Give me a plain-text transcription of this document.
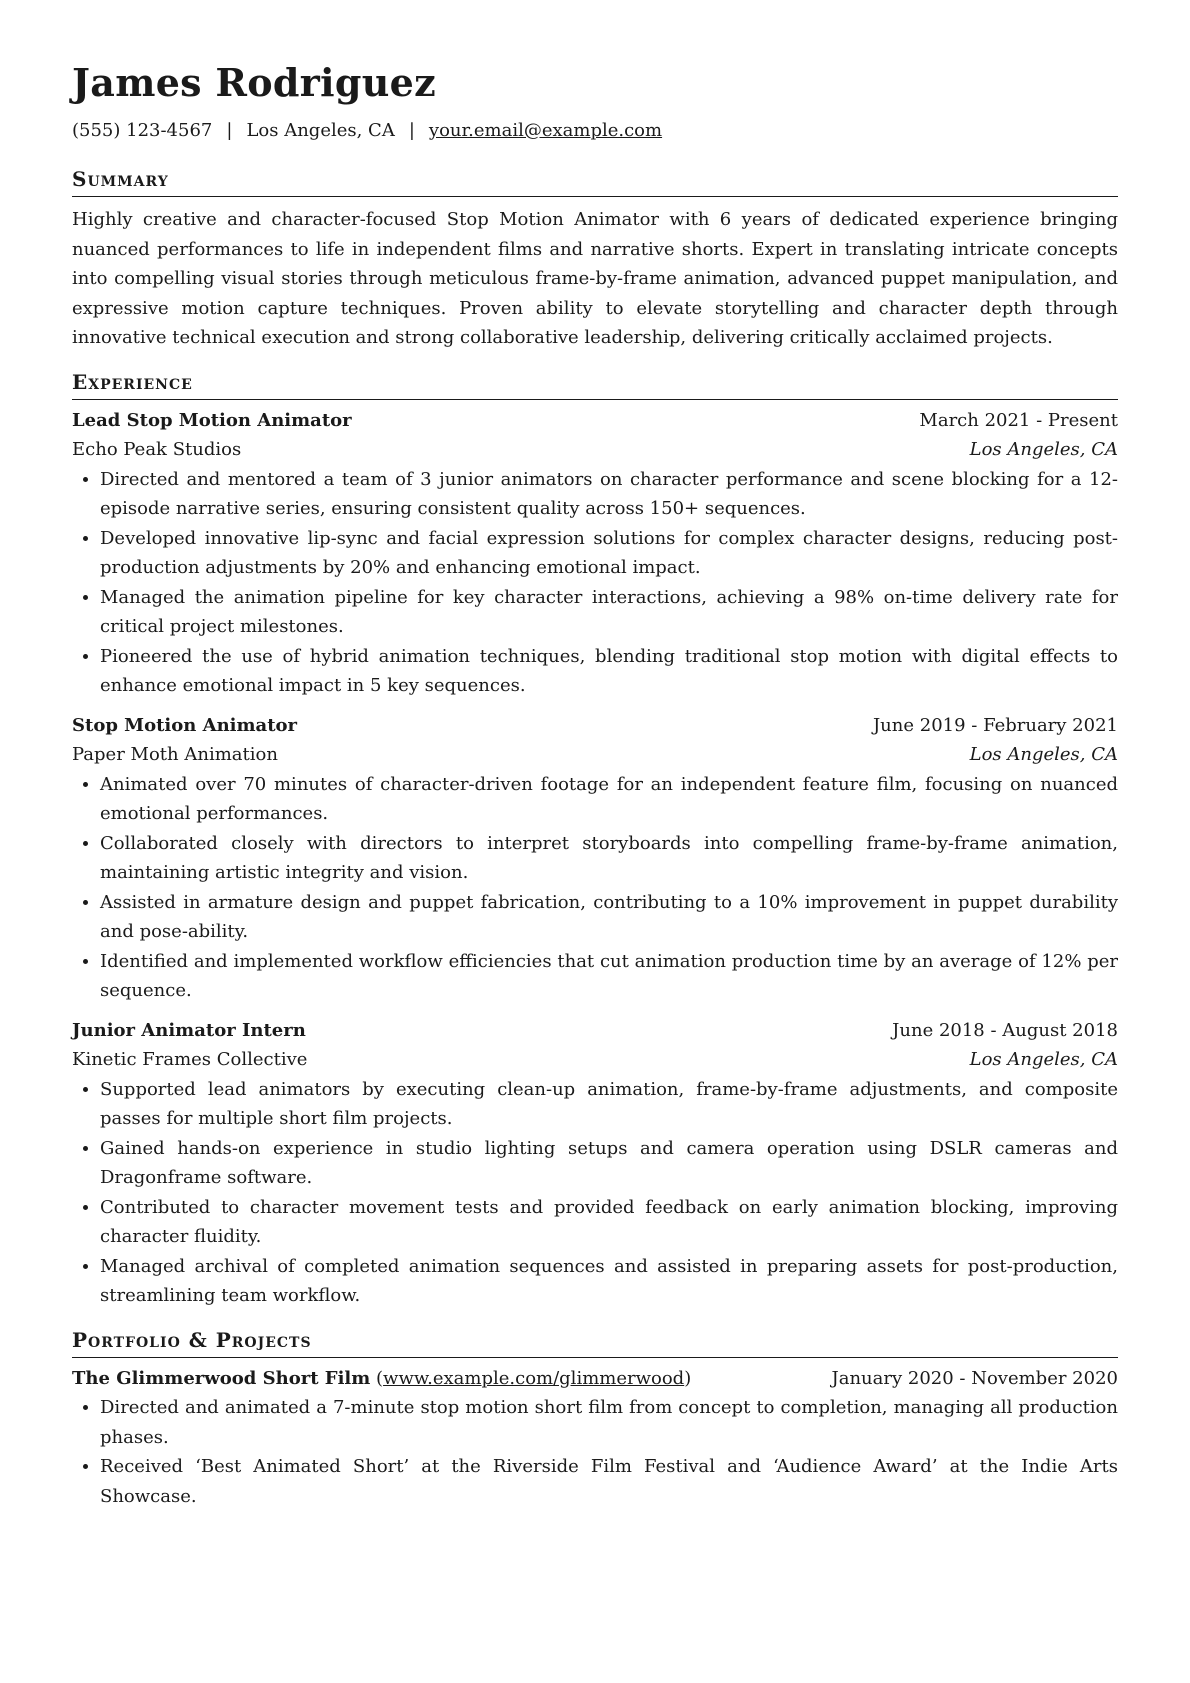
James Rodriguez
(555) 123-4567 | Los Angeles, CA | your.email@example.com
Summary
Highly creative and character-focused Stop Motion Animator with 6 years of dedicated experience bringing nuanced performances to life in independent films and narrative shorts. Expert in translating intricate concepts into compelling visual stories through meticulous frame-by-frame animation, advanced puppet manipulation, and expressive motion capture techniques. Proven ability to elevate storytelling and character depth through innovative technical execution and strong collaborative leadership, delivering critically acclaimed projects.
Experience
Lead Stop Motion Animator	March 2021 - Present
Echo Peak Studios	Los Angeles, CA
• Directed and mentored a team of 3 junior animators on character performance and scene blocking for a 12-episode narrative series, ensuring consistent quality across 150+ sequences.
• Developed innovative lip-sync and facial expression solutions for complex character designs, reducing post-production adjustments by 20% and enhancing emotional impact.
• Managed the animation pipeline for key character interactions, achieving a 98% on-time delivery rate for critical project milestones.
• Pioneered the use of hybrid animation techniques, blending traditional stop motion with digital effects to enhance emotional impact in 5 key sequences.
Stop Motion Animator	June 2019 - February 2021
Paper Moth Animation	Los Angeles, CA
• Animated over 70 minutes of character-driven footage for an independent feature film, focusing on nuanced emotional performances.
• Collaborated closely with directors to interpret storyboards into compelling frame-by-frame animation, maintaining artistic integrity and vision.
• Assisted in armature design and puppet fabrication, contributing to a 10% improvement in puppet durability and pose-ability.
• Identified and implemented workflow efficiencies that cut animation production time by an average of 12% per sequence.
Junior Animator Intern	June 2018 - August 2018
Kinetic Frames Collective	Los Angeles, CA
• Supported lead animators by executing clean-up animation, frame-by-frame adjustments, and composite passes for multiple short film projects.
• Gained hands-on experience in studio lighting setups and camera operation using DSLR cameras and Dragonframe software.
• Contributed to character movement tests and provided feedback on early animation blocking, improving character fluidity.
• Managed archival of completed animation sequences and assisted in preparing assets for post-production, streamlining team workflow.
Portfolio & Projects
The Glimmerwood Short Film (www.example.com/glimmerwood)	January 2020 - November 2020
• Directed and animated a 7-minute stop motion short film from concept to completion, managing all production phases.
• Received ‘Best Animated Short’ at the Riverside Film Festival and ‘Audience Award’ at the Indie Arts Showcase.
